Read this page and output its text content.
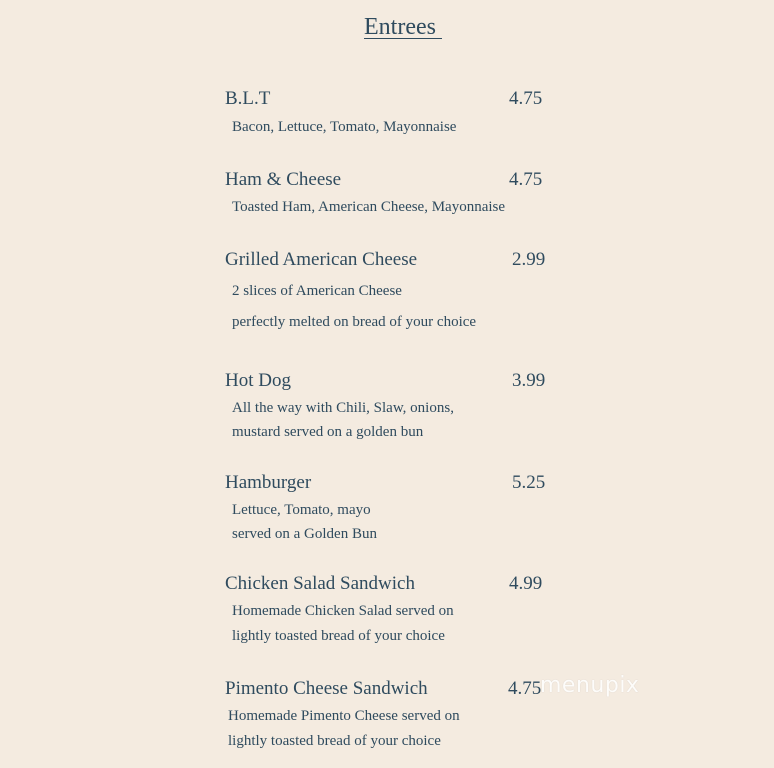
Entrees
B.L.T	4.75
Bacon, Lettuce, Tomato, Mayonnaise
Ham & Cheese	4.75
Toasted Ham, American Cheese, Mayonnaise
Grilled American Cheese	2.99
2 slices of American Cheese
perfectly melted on bread of your choice
Hot Dog	3.99
All the way with Chili, Slaw, onions,
mustard served on a golden bun
Hamburger	5.25
Lettuce, Tomato, mayo
served on a Golden Bun
Chicken Salad Sandwich	4.99
Homemade Chicken Salad served on
lightly toasted bread of your choice
Pimento Cheese Sandwich	4.75
Homemade Pimento Cheese served on
lightly toasted bread of your choice
menupix
